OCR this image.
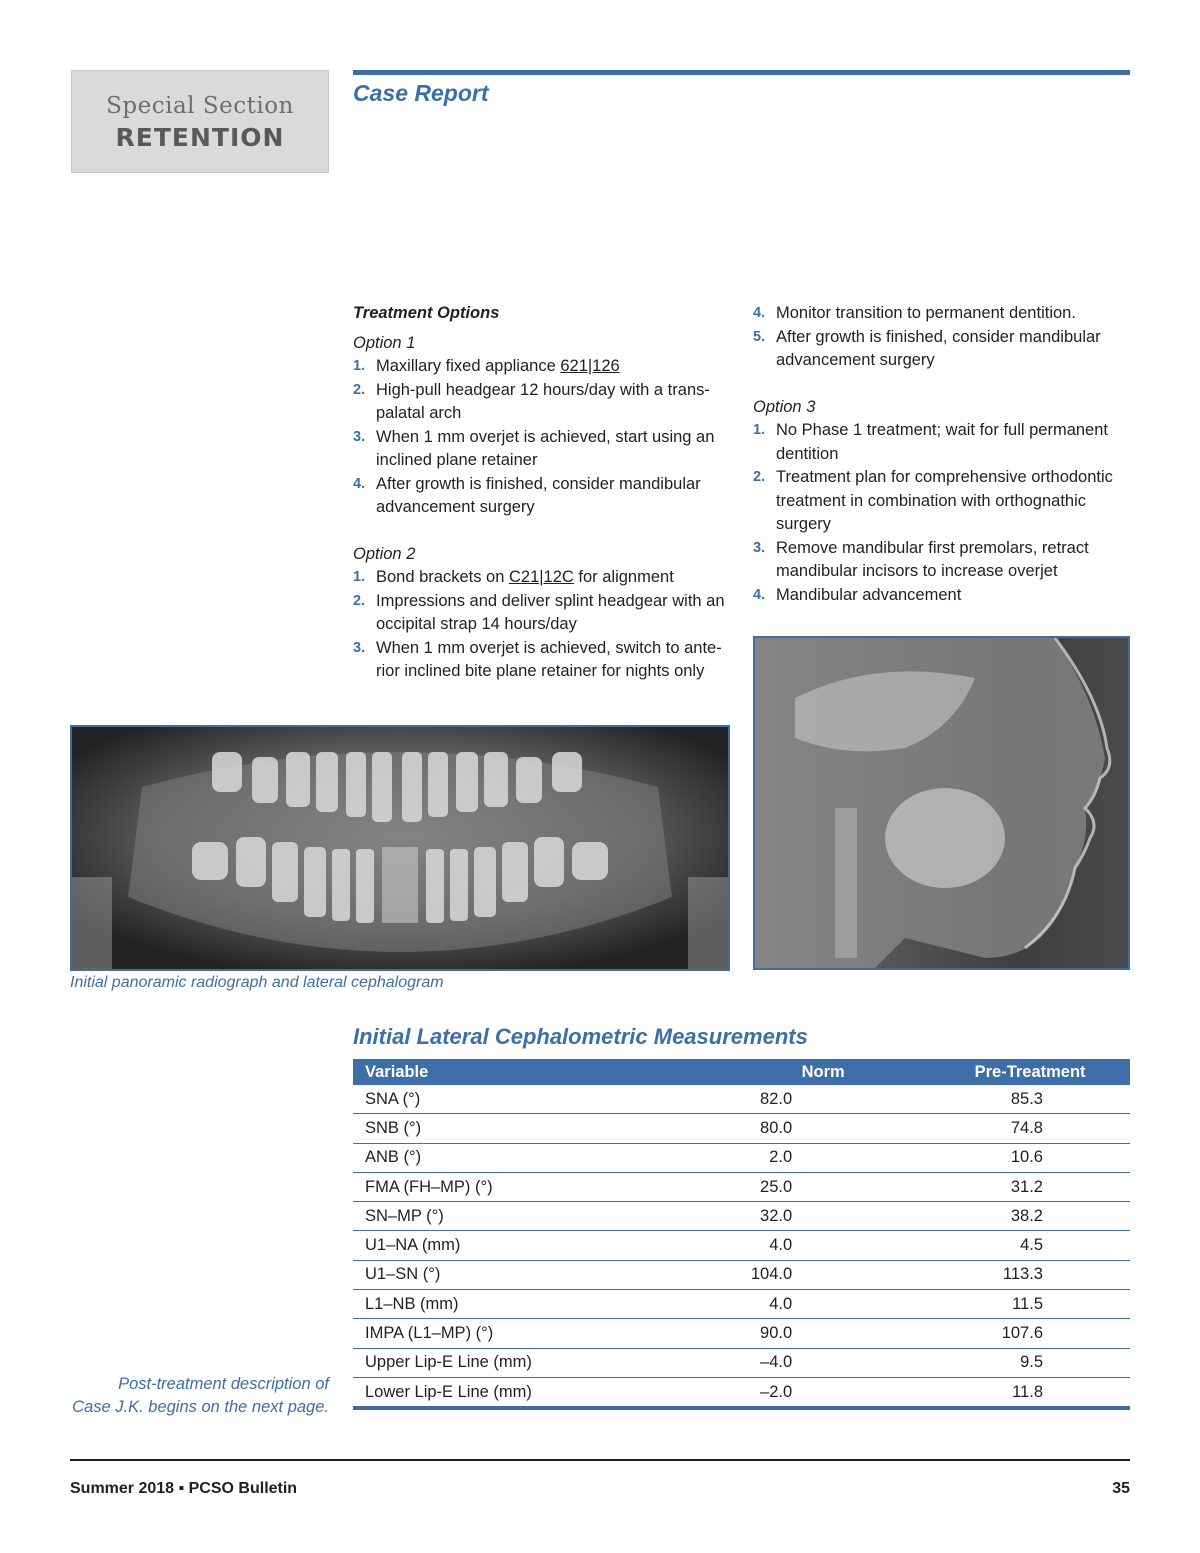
Special Section
RETENTION
Case Report

Treatment Options

Option 1

1. Maxillary fixed appliance 621|126
2. High-pull headgear 12 hours/day with a trans-palatal arch
3. When 1 mm overjet is achieved, start using an inclined plane retainer
4. After growth is finished, consider mandibular advancement surgery

Option 2

1. Bond brackets on C21|12C for alignment
2. Impressions and deliver splint headgear with an occipital strap 14 hours/day
3. When 1 mm overjet is achieved, switch to ante-rior inclined bite plane retainer for nights only
4. Monitor transition to permanent dentition.
5. After growth is finished, consider mandibular advancement surgery

Option 3

1. No Phase 1 treatment; wait for full permanent dentition
2. Treatment plan for comprehensive orthodontic treatment in combination with orthognathic surgery
3. Remove mandibular first premolars, retract mandibular incisors to increase overjet
4. Mandibular advancement
Initial panoramic radiograph and lateral cephalogram
Initial Lateral Cephalometric Measurements
Variable	Norm	Pre-Treatment
SNA (°)	82.0	85.3
SNB (°)	80.0	74.8
ANB (°)	2.0	10.6
FMA (FH–MP) (°)	25.0	31.2
SN–MP (°)	32.0	38.2
U1–NA (mm)	4.0	4.5
U1–SN (°)	104.0	113.3
L1–NB (mm)	4.0	11.5
IMPA (L1–MP) (°)	90.0	107.6
Upper Lip-E Line (mm)	–4.0	9.5
Lower Lip-E Line (mm)	–2.0	11.8
Post-treatment description of
Case J.K. begins on the next page.
Summer 2018 ▪ PCSO Bulletin	35
